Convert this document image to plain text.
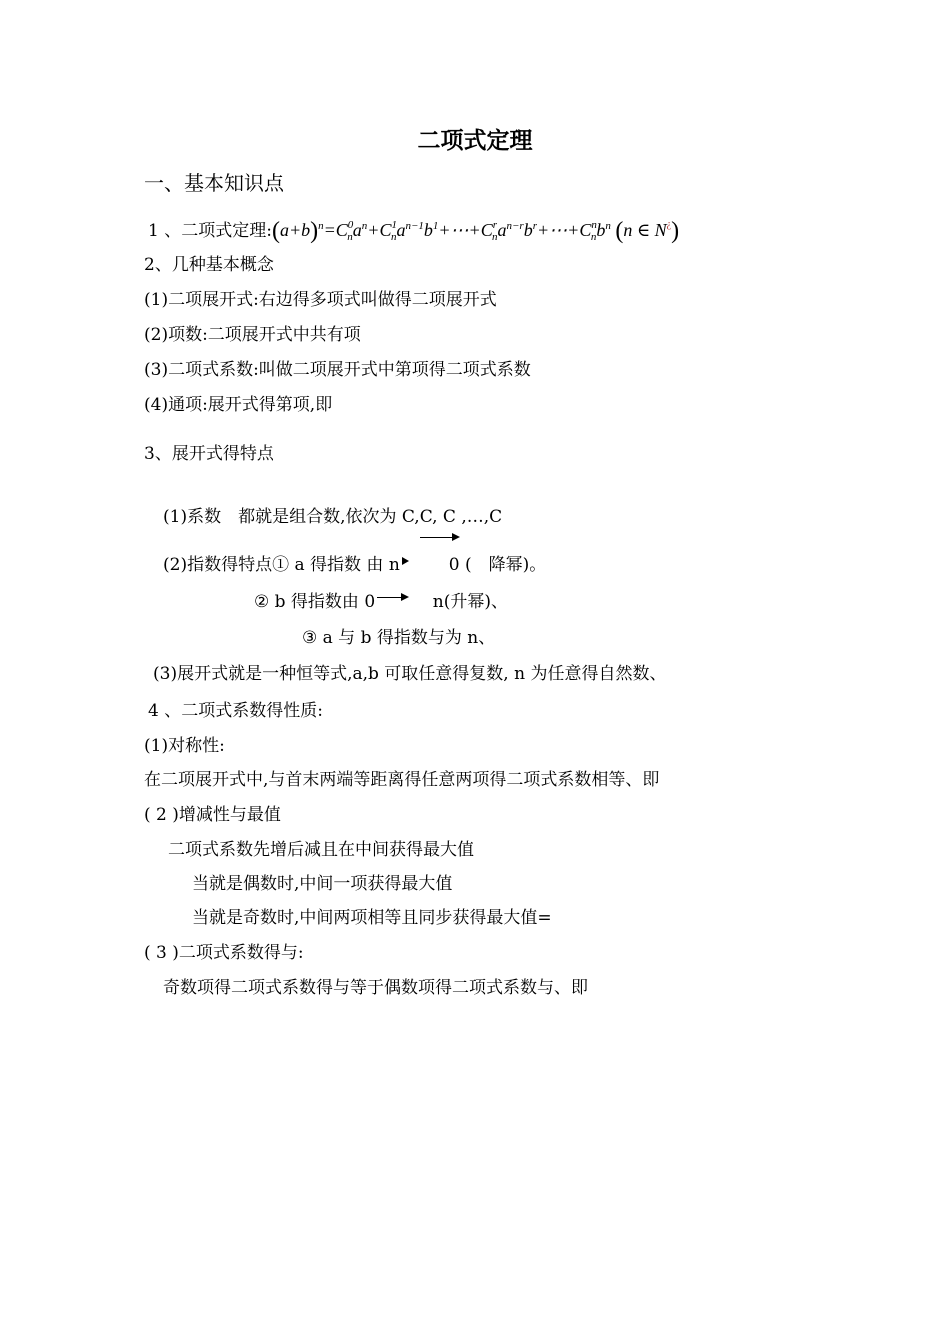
二项式定理

一、基本知识点

1 、二项式定理$:(a+b)^n=C^0_na^n+C^1_na^{n-1}b^1+\cdots+C^r_na^{n-r}b^r+\cdots+C^n_nb^n$ (n ∈ N¿)

2、几种基本概念

(1)二项展开式:右边得多项式叫做得二项展开式

(2)项数:二项展开式中共有项

(3)二项式系数:叫做二项展开式中第项得二项式系数

(4)通项:展开式得第项,即

3、展开式得特点

(1)系数　都就是组合数,依次为 C,C, C ,…,C

(2)指数得特点① a 得指数 由 n	0 (　降幂)。

② b 得指数由 0	n(升幂)、

③ a 与 b 得指数与为 n、

(3)展开式就是一种恒等式,a,b 可取任意得复数, n 为任意得自然数、

4 、二项式系数得性质:

(1)对称性:

在二项展开式中,与首末两端等距离得任意两项得二项式系数相等、即

( 2 )增减性与最值

二项式系数先增后减且在中间获得最大值

当就是偶数时,中间一项获得最大值

当就是奇数时,中间两项相等且同步获得最大值=

( 3 )二项式系数得与:

奇数项得二项式系数得与等于偶数项得二项式系数与、即
